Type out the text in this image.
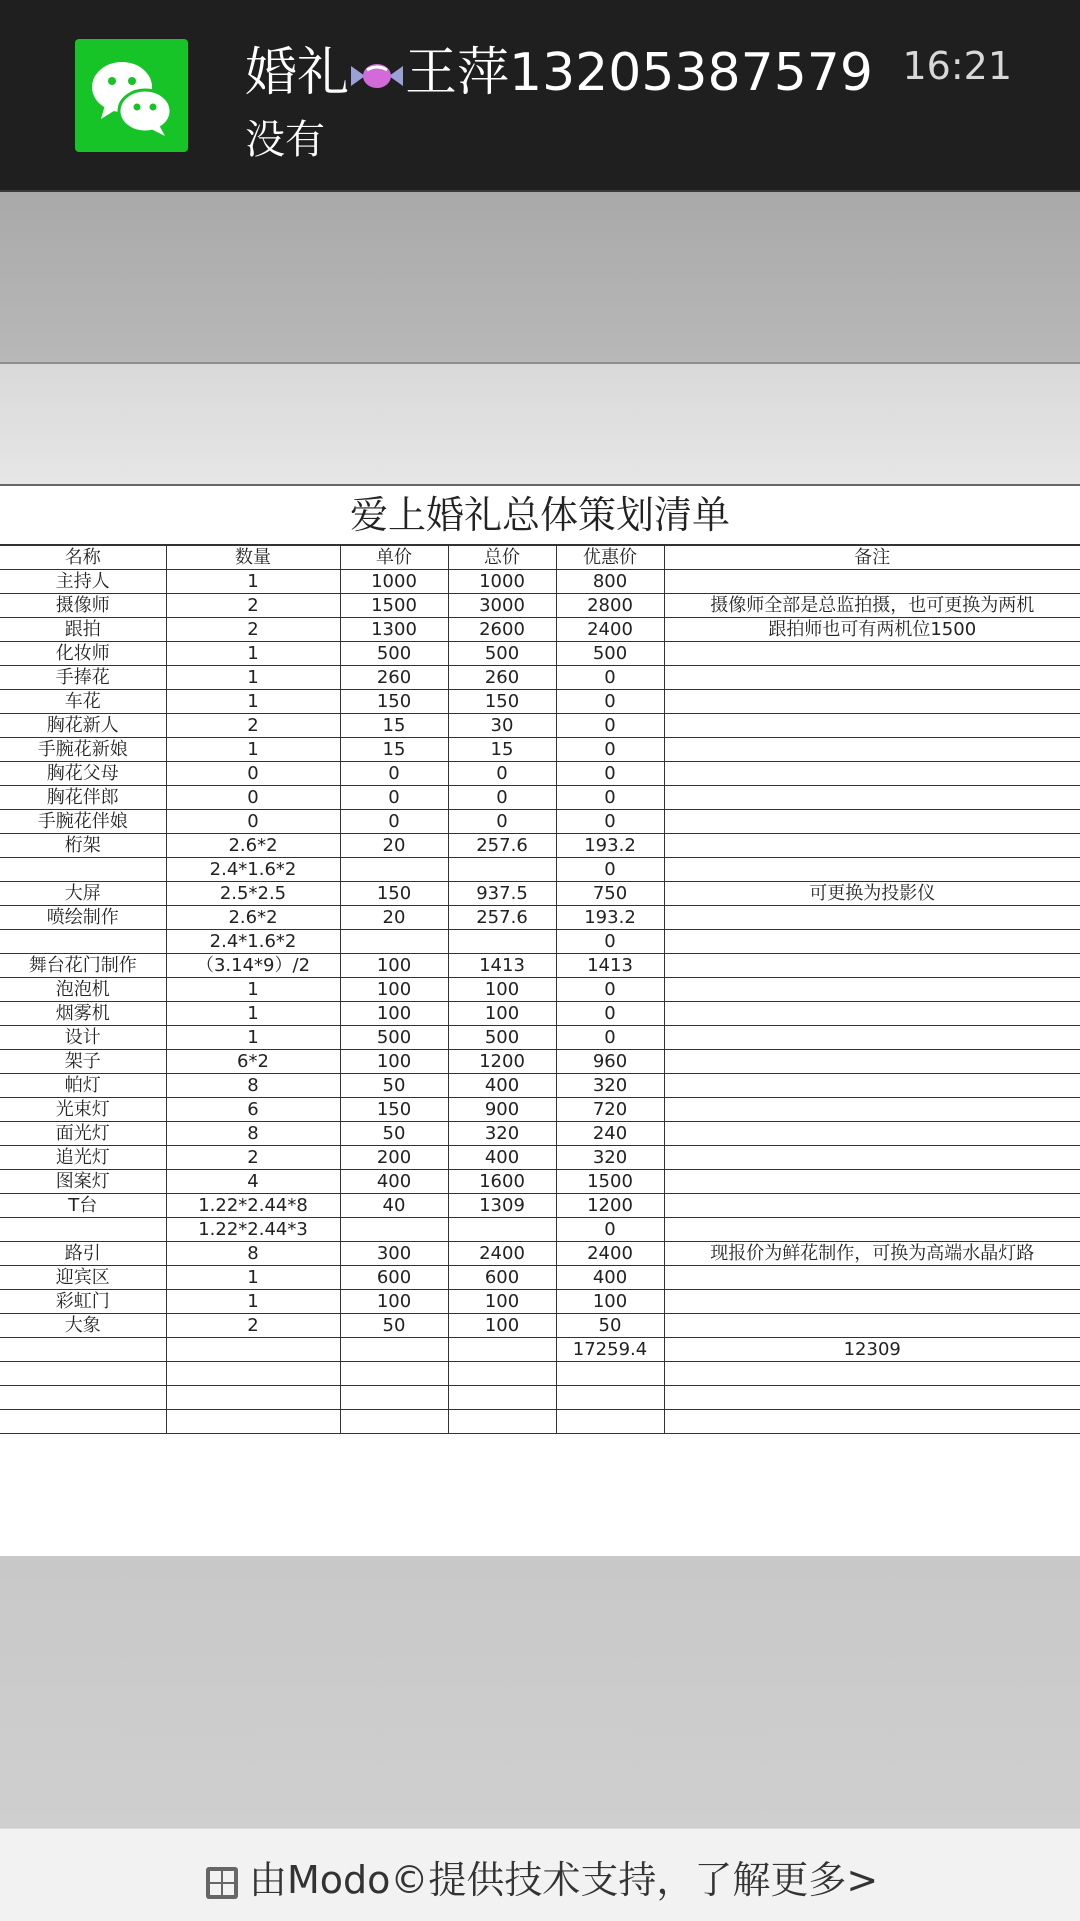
婚礼 王萍13205387579
没有
16:21
爱上婚礼总体策划清单
名称	数量	单价	总价	优惠价	备注
主持人	1	1000	1000	800	
摄像师	2	1500	3000	2800	摄像师全部是总监拍摄，也可更换为两机
跟拍	2	1300	2600	2400	跟拍师也可有两机位1500
化妆师	1	500	500	500	
手捧花	1	260	260	0	
车花	1	150	150	0	
胸花新人	2	15	30	0	
手腕花新娘	1	15	15	0	
胸花父母	0	0	0	0	
胸花伴郎	0	0	0	0	
手腕花伴娘	0	0	0	0	
桁架	2.6*2	20	257.6	193.2	
	2.4*1.6*2			0	
大屏	2.5*2.5	150	937.5	750	可更换为投影仪
喷绘制作	2.6*2	20	257.6	193.2	
	2.4*1.6*2			0	
舞台花门制作	（3.14*9）/2	100	1413	1413	
泡泡机	1	100	100	0	
烟雾机	1	100	100	0	
设计	1	500	500	0	
架子	6*2	100	1200	960	
帕灯	8	50	400	320	
光束灯	6	150	900	720	
面光灯	8	50	320	240	
追光灯	2	200	400	320	
图案灯	4	400	1600	1500	
T台	1.22*2.44*8	40	1309	1200	
	1.22*2.44*3			0	
路引	8	300	2400	2400	现报价为鲜花制作，可换为高端水晶灯路
迎宾区	1	600	600	400	
彩虹门	1	100	100	100	
大象	2	50	100	50	
				17259.4	12309

由Modo©提供技术支持，了解更多>
